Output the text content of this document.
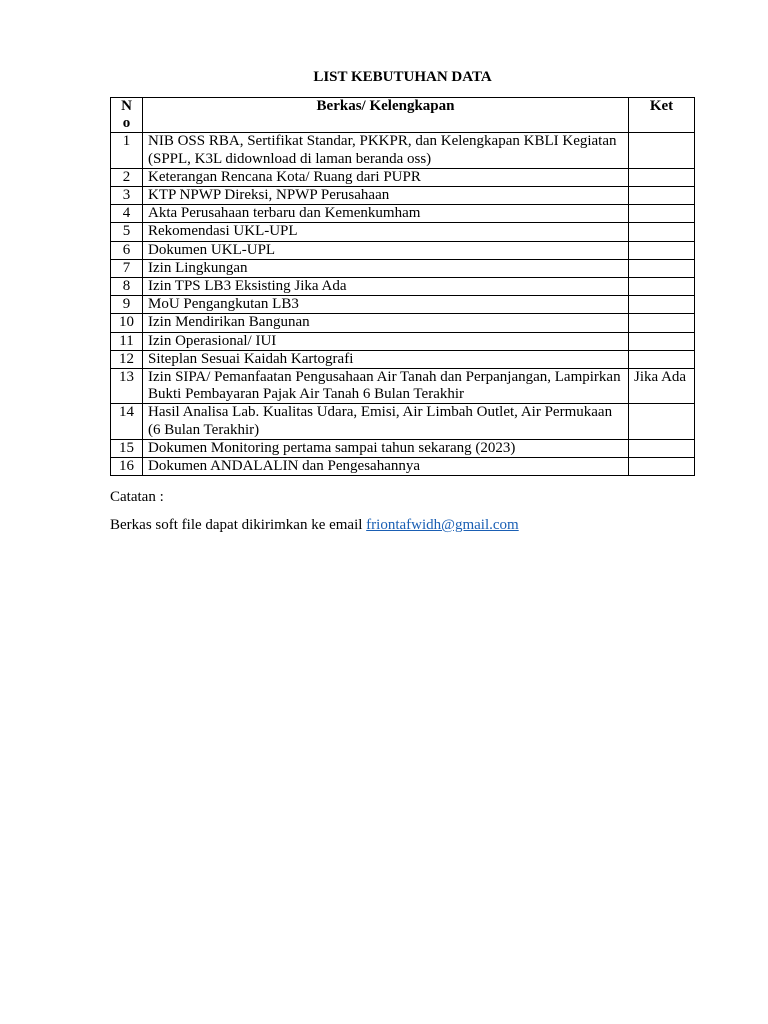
LIST KEBUTUHAN DATA
N o	Berkas/ Kelengkapan	Ket
1	NIB OSS RBA, Sertifikat Standar, PKKPR, dan Kelengkapan KBLI Kegiatan (SPPL, K3L didownload di laman beranda oss)	
2	Keterangan Rencana Kota/ Ruang dari PUPR	
3	KTP NPWP Direksi, NPWP Perusahaan	
4	Akta Perusahaan terbaru dan Kemenkumham	
5	Rekomendasi UKL-UPL	
6	Dokumen UKL-UPL	
7	Izin Lingkungan	
8	Izin TPS LB3 Eksisting Jika Ada	
9	MoU Pengangkutan LB3	
10	Izin Mendirikan Bangunan	
11	Izin Operasional/ IUI	
12	Siteplan Sesuai Kaidah Kartografi	
13	Izin SIPA/ Pemanfaatan Pengusahaan Air Tanah dan Perpanjangan, Lampirkan Bukti Pembayaran Pajak Air Tanah 6 Bulan Terakhir	Jika Ada
14	Hasil Analisa Lab. Kualitas Udara, Emisi, Air Limbah Outlet, Air Permukaan (6 Bulan Terakhir)	
15	Dokumen Monitoring pertama sampai tahun sekarang (2023)	
16	Dokumen ANDALALIN dan Pengesahannya	

Catatan :

Berkas soft file dapat dikirimkan ke email friontafwidh@gmail.com
